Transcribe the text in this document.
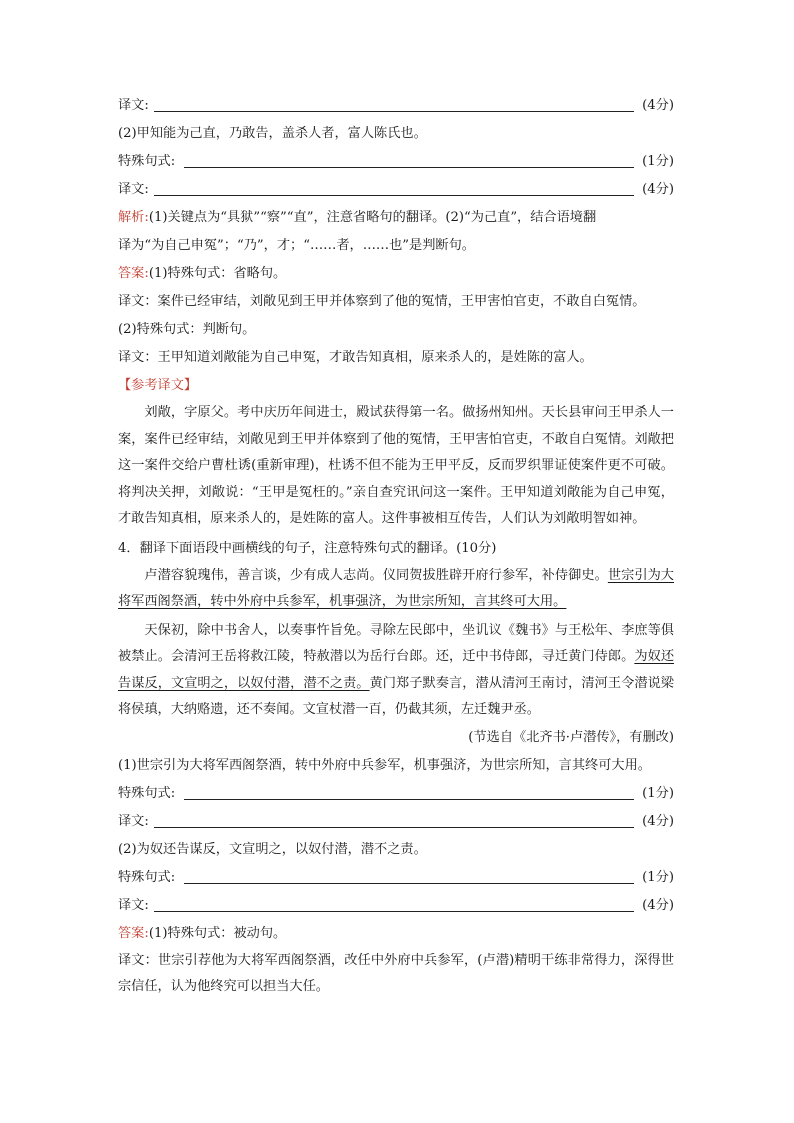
译文:	(4分)
(2)甲知能为己直，乃敢告，盖杀人者，富人陈氏也。
特殊句式:	(1分)
译文:	(4分)
解析:(1)关键点为“具狱”“察”“直”，注意省略句的翻译。(2)“为己直”，结合语境翻
译为“为自己申冤”；“乃”，才；“……者，……也”是判断句。
答案:(1)特殊句式：省略句。
译文：案件已经审结，刘敞见到王甲并体察到了他的冤情，王甲害怕官吏，不敢自白冤情。
(2)特殊句式：判断句。
译文：王甲知道刘敞能为自己申冤，才敢告知真相，原来杀人的，是姓陈的富人。
【参考译文】
刘敞，字原父。考中庆历年间进士，殿试获得第一名。做扬州知州。天长县审问王甲杀人一案，案件已经审结，刘敞见到王甲并体察到了他的冤情，王甲害怕官吏，不敢自白冤情。刘敞把这一案件交给户曹杜诱(重新审理)，杜诱不但不能为王甲平反，反而罗织罪证使案件更不可破。将判决关押，刘敞说：“王甲是冤枉的。”亲自查究讯问这一案件。王甲知道刘敞能为自己申冤，才敢告知真相，原来杀人的，是姓陈的富人。这件事被相互传告，人们认为刘敞明智如神。
4．翻译下面语段中画横线的句子，注意特殊句式的翻译。(10分)
卢潜容貌瑰伟，善言谈，少有成人志尚。仪同贺拔胜辟开府行参军，补侍御史。世宗引为大将军西阁祭酒，转中外府中兵参军，机事强济，为世宗所知，言其终可大用。
天保初，除中书舍人，以奏事忤旨免。寻除左民郎中，坐讥议《魏书》与王松年、李庶等俱被禁止。会清河王岳将救江陵，特赦潜以为岳行台郎。还，迁中书侍郎，寻迁黄门侍郎。为奴还告谋反，文宣明之，以奴付潜，潜不之责。黄门郑子默奏言，潜从清河王南讨，清河王令潜说梁将侯瑱，大纳赂遗，还不奏闻。文宣杖潜一百，仍截其须，左迁魏尹丞。
(节选自《北齐书·卢潜传》，有删改)
(1)世宗引为大将军西阁祭酒，转中外府中兵参军，机事强济，为世宗所知，言其终可大用。
特殊句式:	(1分)
译文:	(4分)
(2)为奴还告谋反，文宣明之，以奴付潜，潜不之责。
特殊句式:	(1分)
译文:	(4分)
答案:(1)特殊句式：被动句。
译文：世宗引荐他为大将军西阁祭酒，改任中外府中兵参军，(卢潜)精明干练非常得力，深得世宗信任，认为他终究可以担当大任。
